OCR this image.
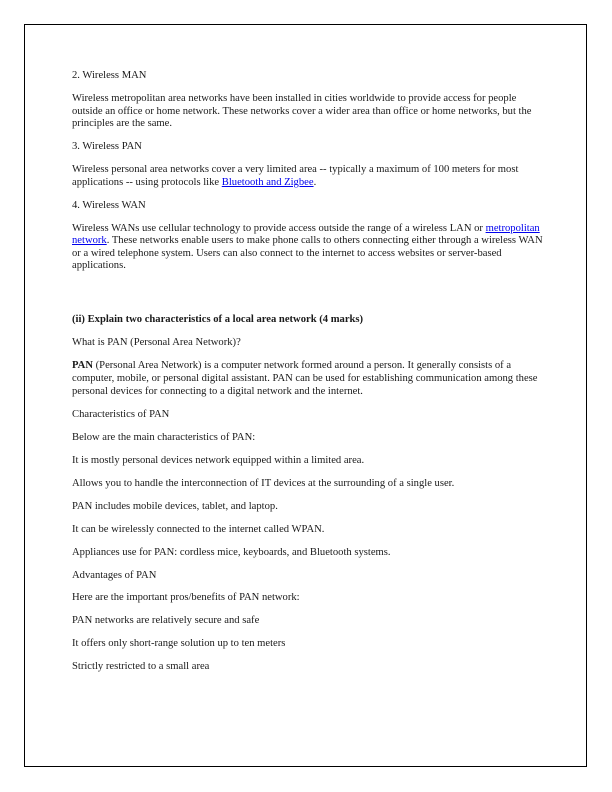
2. Wireless MAN

Wireless metropolitan area networks have been installed in cities worldwide to provide access for people outside an office or home network. These networks cover a wider area than office or home networks, but the principles are the same.

3. Wireless PAN

Wireless personal area networks cover a very limited area -- typically a maximum of 100 meters for most applications -- using protocols like Bluetooth and Zigbee.

4. Wireless WAN

Wireless WANs use cellular technology to provide access outside the range of a wireless LAN or metropolitan network. These networks enable users to make phone calls to others connecting either through a wireless WAN or a wired telephone system. Users can also connect to the internet to access websites or server-based applications.

(ii) Explain two characteristics of a local area network (4 marks)

What is PAN (Personal Area Network)?

PAN (Personal Area Network) is a computer network formed around a person. It generally consists of a computer, mobile, or personal digital assistant. PAN can be used for establishing communication among these personal devices for connecting to a digital network and the internet.

Characteristics of PAN

Below are the main characteristics of PAN:

It is mostly personal devices network equipped within a limited area.

Allows you to handle the interconnection of IT devices at the surrounding of a single user.

PAN includes mobile devices, tablet, and laptop.

It can be wirelessly connected to the internet called WPAN.

Appliances use for PAN: cordless mice, keyboards, and Bluetooth systems.

Advantages of PAN

Here are the important pros/benefits of PAN network:

PAN networks are relatively secure and safe

It offers only short-range solution up to ten meters

Strictly restricted to a small area
